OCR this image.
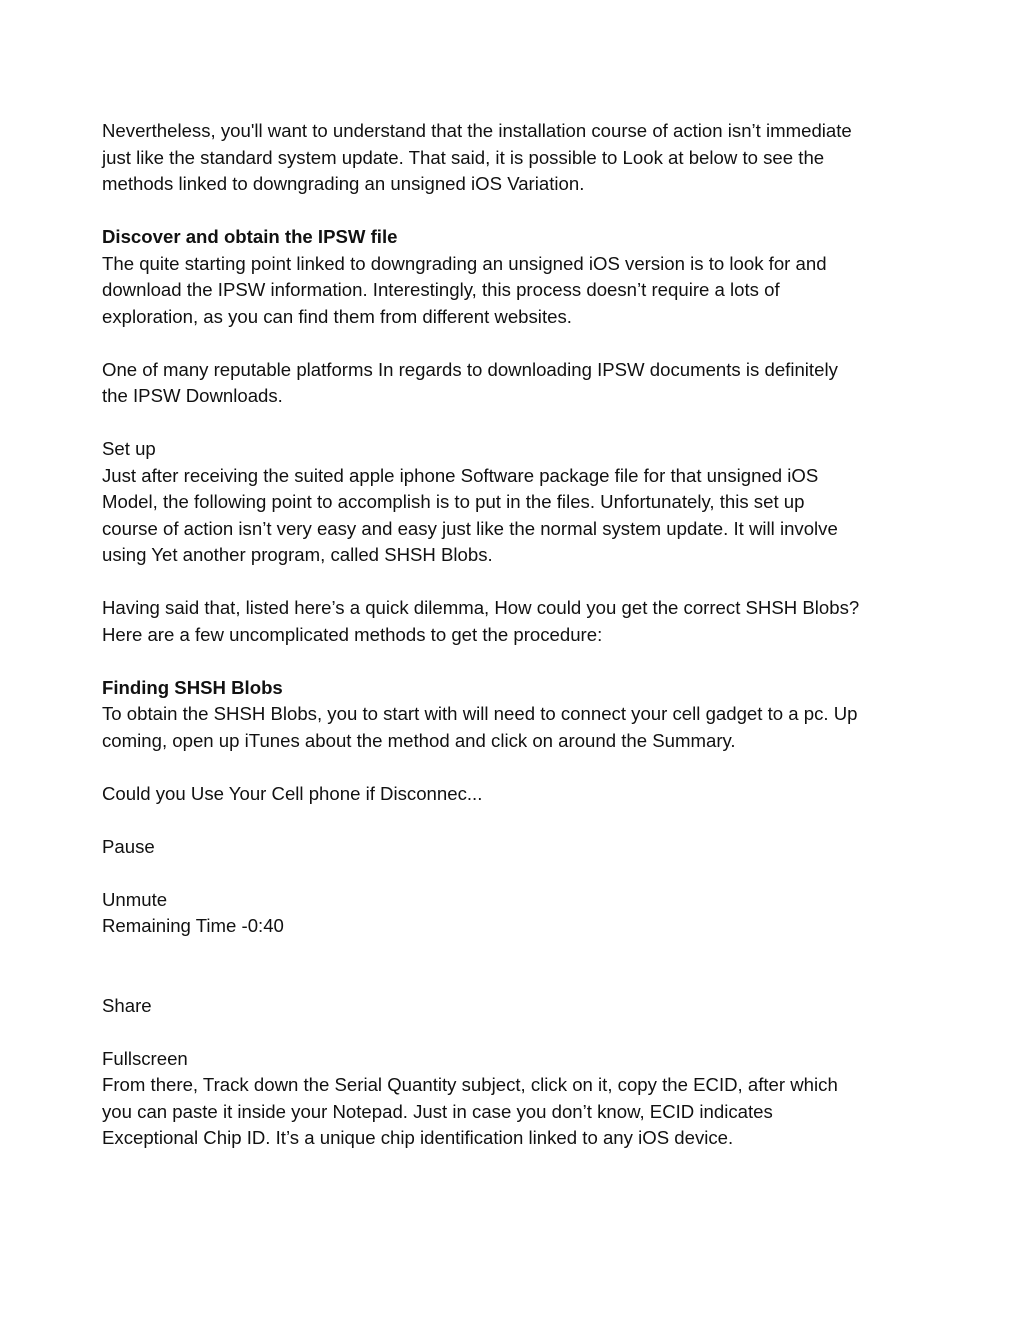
Nevertheless, you'll want to understand that the installation course of action isn’t immediate
just like the standard system update. That said, it is possible to Look at below to see the
methods linked to downgrading an unsigned iOS Variation.
Discover and obtain the IPSW file
The quite starting point linked to downgrading an unsigned iOS version is to look for and
download the IPSW information. Interestingly, this process doesn’t require a lots of
exploration, as you can find them from different websites.
One of many reputable platforms In regards to downloading IPSW documents is definitely
the IPSW Downloads.
Set up
Just after receiving the suited apple iphone Software package file for that unsigned iOS
Model, the following point to accomplish is to put in the files. Unfortunately, this set up
course of action isn’t very easy and easy just like the normal system update. It will involve
using Yet another program, called SHSH Blobs.
Having said that, listed here’s a quick dilemma, How could you get the correct SHSH Blobs?
Here are a few uncomplicated methods to get the procedure:
Finding SHSH Blobs
To obtain the SHSH Blobs, you to start with will need to connect your cell gadget to a pc. Up
coming, open up iTunes about the method and click on around the Summary.
Could you Use Your Cell phone if Disconnec...
Pause
Unmute
Remaining Time -0:40
Share
Fullscreen
From there, Track down the Serial Quantity subject, click on it, copy the ECID, after which
you can paste it inside your Notepad. Just in case you don’t know, ECID indicates
Exceptional Chip ID. It’s a unique chip identification linked to any iOS device.
